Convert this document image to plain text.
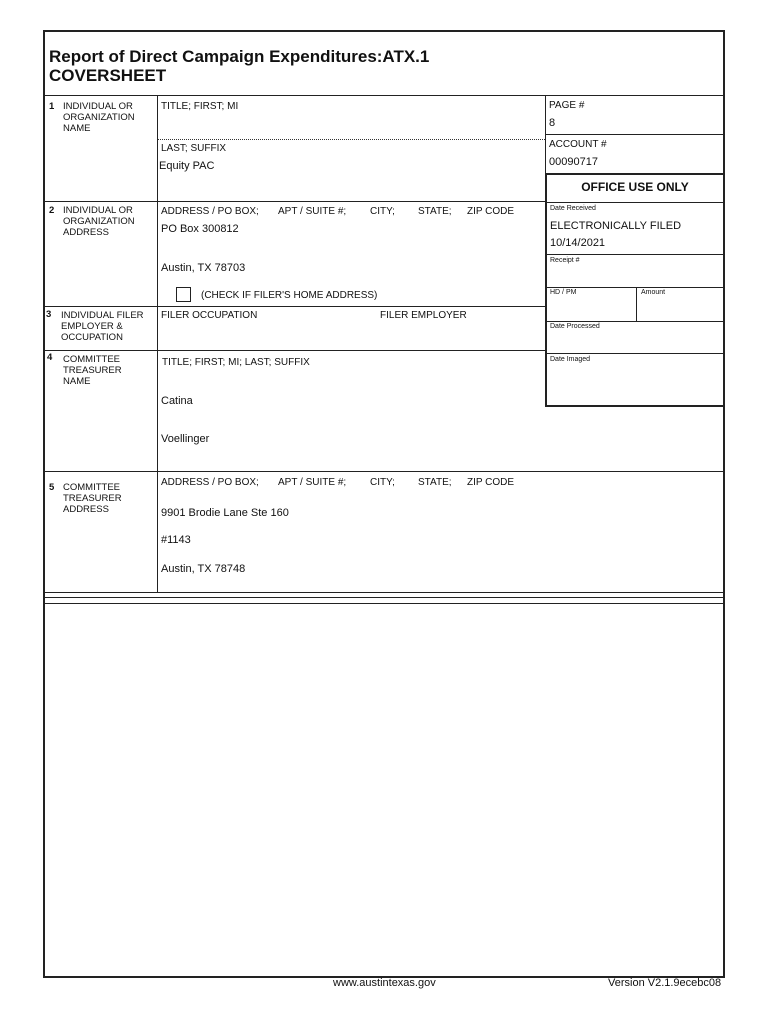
Report of Direct Campaign Expenditures:ATX.1
COVERSHEET
1 INDIVIDUAL OR
ORGANIZATION
NAME
TITLE; FIRST; MI
LAST; SUFFIX
Equity PAC
PAGE #
8
ACCOUNT #
00090717
OFFICE USE ONLY
Date Received
ELECTRONICALLY FILED
10/14/2021
Receipt #
HD / PM	Amount
Date Processed
Date Imaged
2 INDIVIDUAL OR
ORGANIZATION
ADDRESS
ADDRESS / PO BOX; APT / SUITE #; CITY; STATE; ZIP CODE
PO Box 300812
Austin, TX 78703
(CHECK IF FILER'S HOME ADDRESS)
3 INDIVIDUAL FILER
EMPLOYER &
OCCUPATION
FILER OCCUPATION	FILER EMPLOYER
4 COMMITTEE
TREASURER
NAME
TITLE; FIRST; MI; LAST; SUFFIX
Catina
Voellinger
5 COMMITTEE
TREASURER
ADDRESS
ADDRESS / PO BOX; APT / SUITE #; CITY; STATE; ZIP CODE
9901 Brodie Lane Ste 160
#1143
Austin, TX 78748
www.austintexas.gov	Version V2.1.9ecebc08
